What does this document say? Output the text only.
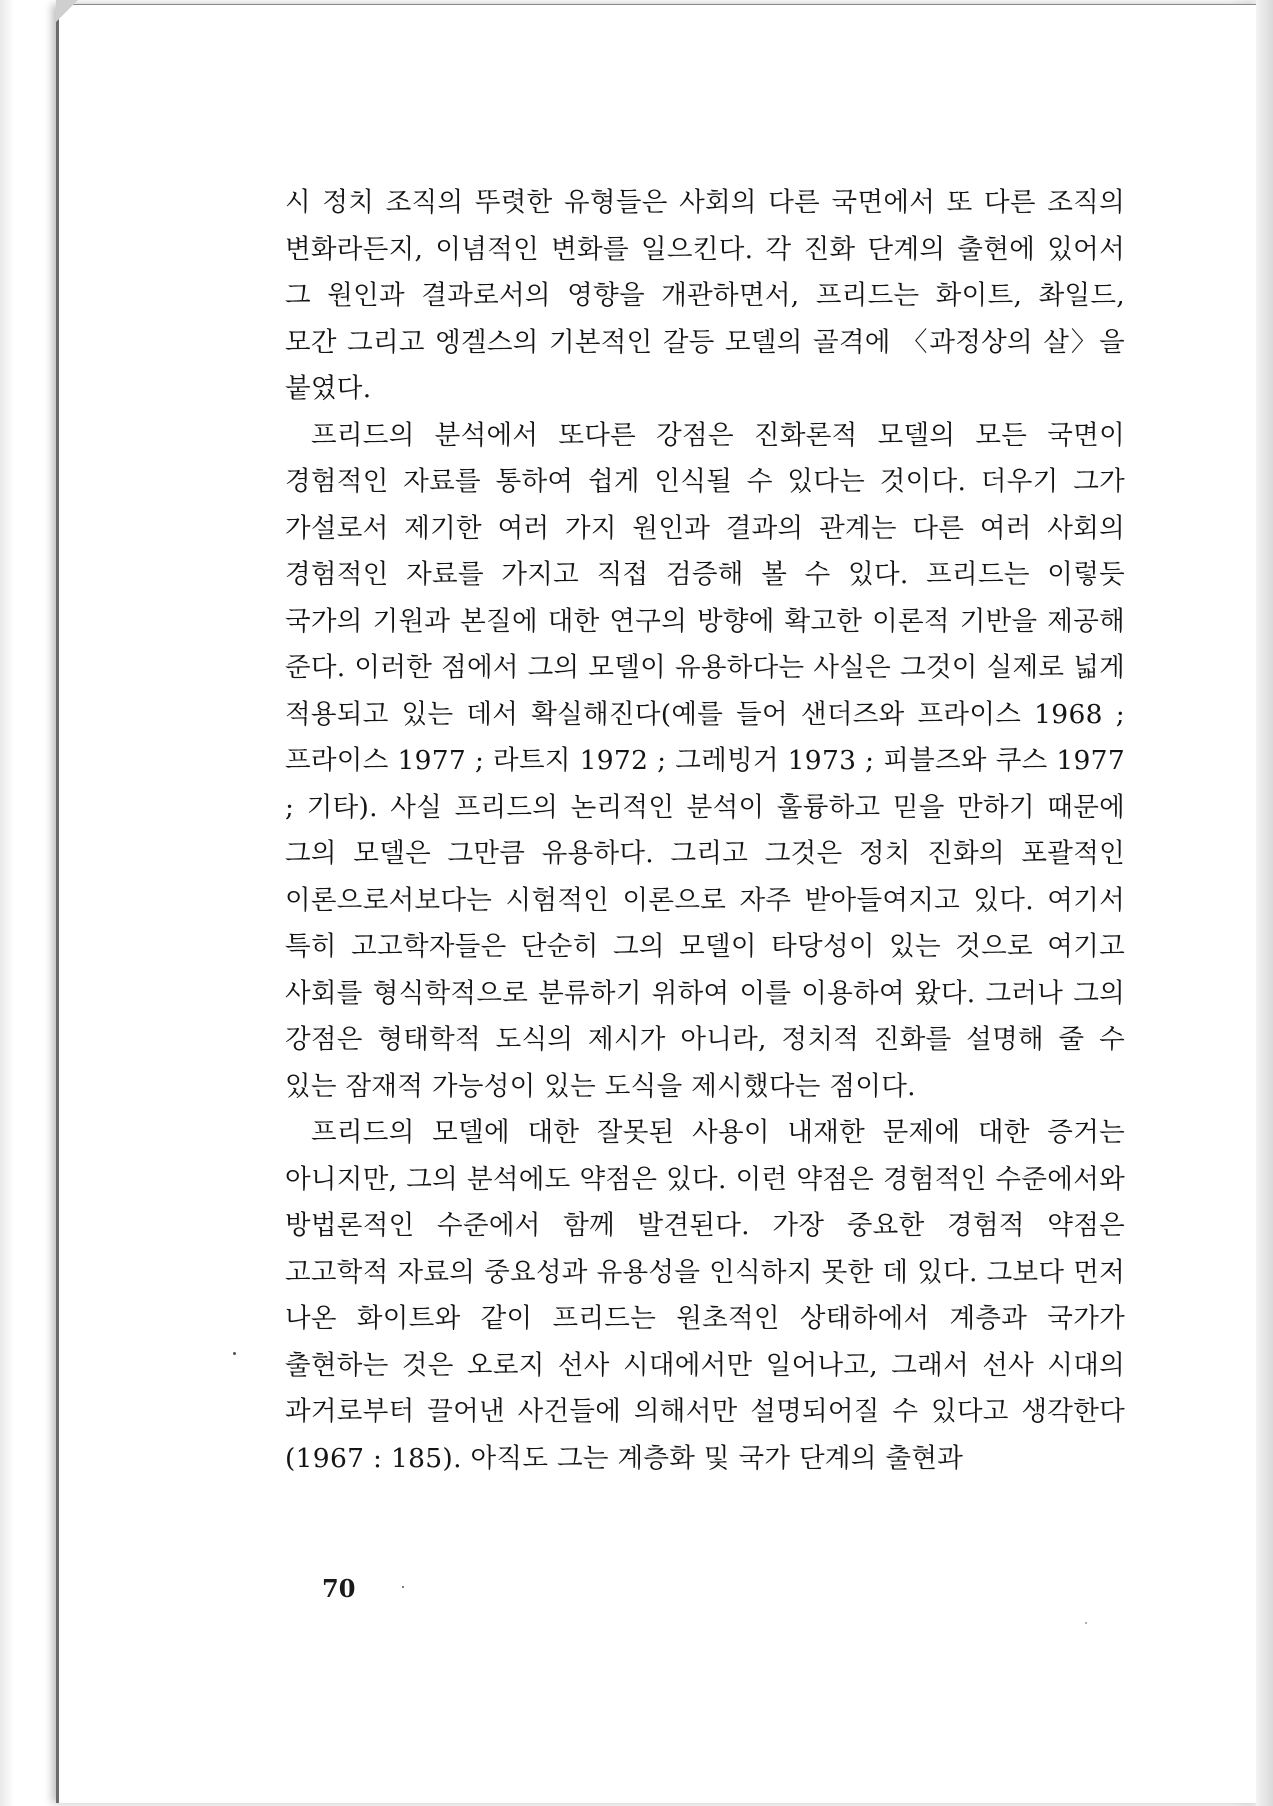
시 정치 조직의 뚜렷한 유형들은 사회의 다른 국면에서 또 다른 조직의 변화라든지, 이념적인 변화를 일으킨다. 각 진화 단계의 출현에 있어서 그 원인과 결과로서의 영향을 개관하면서, 프리드는 화이트, 촤일드, 모간 그리고 엥겔스의 기본적인 갈등 모델의 골격에 〈과정상의 살〉을 붙였다.

프리드의 분석에서 또다른 강점은 진화론적 모델의 모든 국면이 경험적인 자료를 통하여 쉽게 인식될 수 있다는 것이다. 더우기 그가 가설로서 제기한 여러 가지 원인과 결과의 관계는 다른 여러 사회의 경험적인 자료를 가지고 직접 검증해 볼 수 있다. 프리드는 이렇듯 국가의 기원과 본질에 대한 연구의 방향에 확고한 이론적 기반을 제공해 준다. 이러한 점에서 그의 모델이 유용하다는 사실은 그것이 실제로 넓게 적용되고 있는 데서 확실해진다(예를 들어 샌더즈와 프라이스 1968 ; 프라이스 1977 ; 라트지 1972 ; 그레빙거 1973 ; 피블즈와 쿠스 1977 ; 기타). 사실 프리드의 논리적인 분석이 훌륭하고 믿을 만하기 때문에 그의 모델은 그만큼 유용하다. 그리고 그것은 정치 진화의 포괄적인 이론으로서보다는 시험적인 이론으로 자주 받아들여지고 있다. 여기서 특히 고고학자들은 단순히 그의 모델이 타당성이 있는 것으로 여기고 사회를 형식학적으로 분류하기 위하여 이를 이용하여 왔다. 그러나 그의 강점은 형태학적 도식의 제시가 아니라, 정치적 진화를 설명해 줄 수 있는 잠재적 가능성이 있는 도식을 제시했다는 점이다.

프리드의 모델에 대한 잘못된 사용이 내재한 문제에 대한 증거는 아니지만, 그의 분석에도 약점은 있다. 이런 약점은 경험적인 수준에서와 방법론적인 수준에서 함께 발견된다. 가장 중요한 경험적 약점은 고고학적 자료의 중요성과 유용성을 인식하지 못한 데 있다. 그보다 먼저 나온 화이트와 같이 프리드는 원초적인 상태하에서 계층과 국가가 출현하는 것은 오로지 선사 시대에서만 일어나고, 그래서 선사 시대의 과거로부터 끌어낸 사건들에 의해서만 설명되어질 수 있다고 생각한다(1967 : 185). 아직도 그는 계층화 및 국가 단계의 출현과

70
